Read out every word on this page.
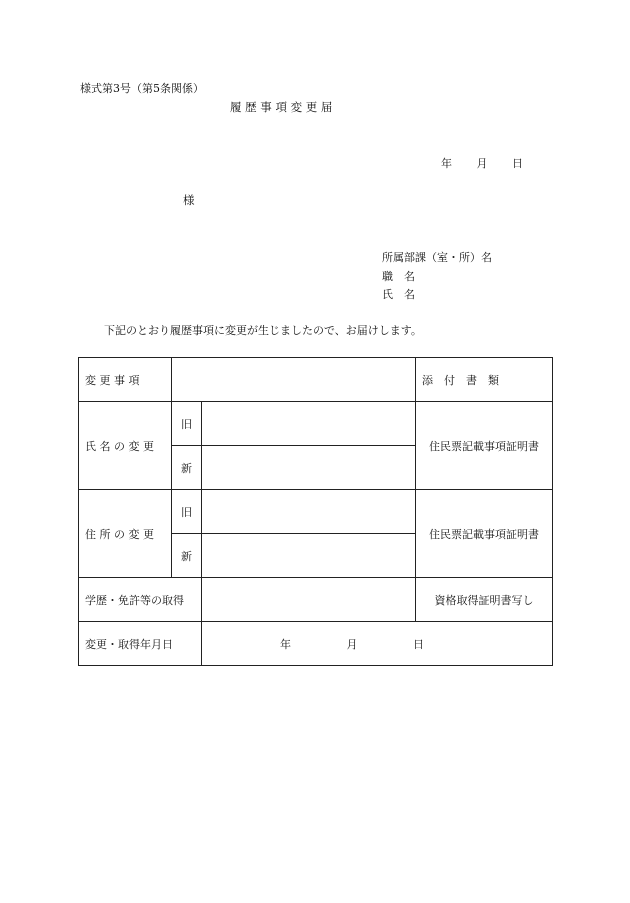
様式第3号（第5条関係）
履 歴 事 項 変 更 届
年 月 日
様
所属部課（室・所）名
職　名
氏　名
下記のとおり履歴事項に変更が生じましたので、お届けします。
変 更 事 項			添　付　書　類
氏 名 の 変 更	旧		住民票記載事項証明書
	新		
住 所 の 変 更	旧		住民票記載事項証明書
	新		
学歴・免許等の取得			資格取得証明書写し
変更・取得年月日		年 月 日	
